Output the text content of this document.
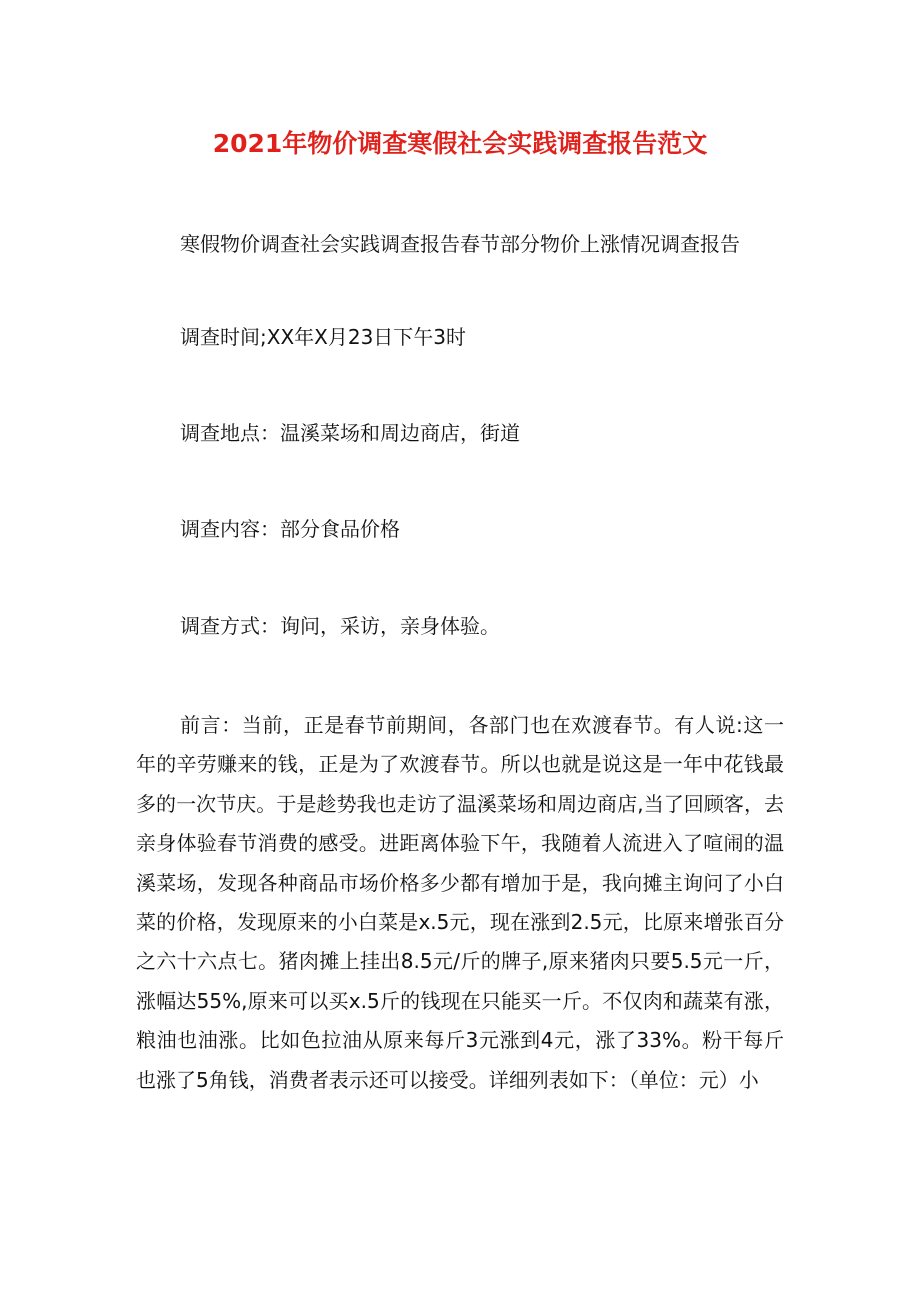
2021年物价调查寒假社会实践调查报告范文
寒假物价调查社会实践调查报告春节部分物价上涨情况调查报告
调查时间;XX年X月23日下午3时
调查地点：温溪菜场和周边商店，街道
调查内容：部分食品价格
调查方式：询问，采访，亲身体验。
前言：当前，正是春节前期间，各部门也在欢渡春节。有人说:这一年的辛劳赚来的钱，正是为了欢渡春节。所以也就是说这是一年中花钱最多的一次节庆。于是趁势我也走访了温溪菜场和周边商店,当了回顾客，去亲身体验春节消费的感受。进距离体验下午，我随着人流进入了喧闹的温溪菜场，发现各种商品市场价格多少都有增加于是，我向摊主询问了小白菜的价格，发现原来的小白菜是x.5元，现在涨到2.5元，比原来增张百分之六十六点七。猪肉摊上挂出8.5元/斤的牌子,原来猪肉只要5.5元一斤，涨幅达55%,原来可以买x.5斤的钱现在只能买一斤。不仅肉和蔬菜有涨，粮油也油涨。比如色拉油从原来每斤3元涨到4元，涨了33%。粉干每斤也涨了5角钱，消费者表示还可以接受。详细列表如下：（单位：元）小
